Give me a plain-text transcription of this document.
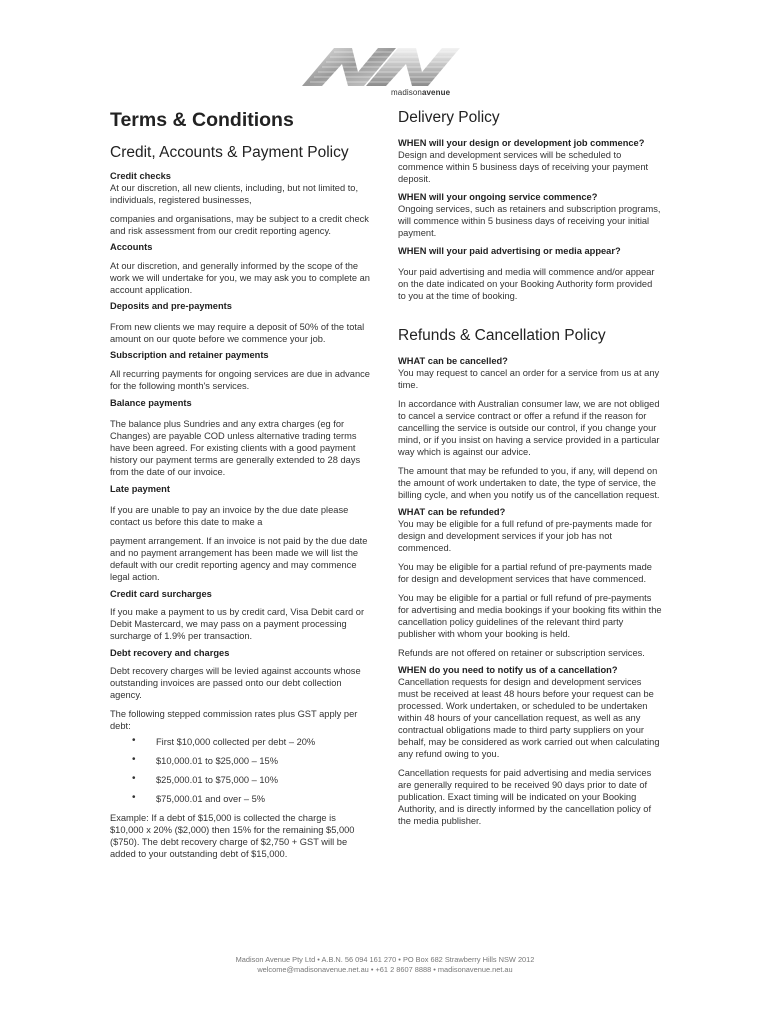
madisonavenue
Terms & Conditions
Credit, Accounts & Payment Policy
Credit checks

At our discretion, all new clients, including, but not limited to, individuals, registered businesses,

companies and organisations, may be subject to a credit check and risk assessment from our credit reporting agency.

Accounts

At our discretion, and generally informed by the scope of the work we will undertake for you, we may ask you to complete an account application.

Deposits and pre-payments

From new clients we may require a deposit of 50% of the total amount on our quote before we commence your job.

Subscription and retainer payments

All recurring payments for ongoing services are due in advance for the following month's services.

Balance payments

The balance plus Sundries and any extra charges (eg for Changes) are payable COD unless alternative trading terms have been agreed. For existing clients with a good payment history our payment terms are generally extended to 28 days from the date of our invoice.

Late payment

If you are unable to pay an invoice by the due date please contact us before this date to make a

payment arrangement. If an invoice is not paid by the due date and no payment arrangement has been made we will list the default with our credit reporting agency and may commence legal action.

Credit card surcharges

If you make a payment to us by credit card, Visa Debit card or Debit Mastercard, we may pass on a payment processing surcharge of 1.9% per transaction.

Debt recovery and charges

Debt recovery charges will be levied against accounts whose outstanding invoices are passed onto our debt collection agency.

The following stepped commission rates plus GST apply per debt:

• First $10,000 collected per debt – 20%
• $10,000.01 to $25,000 – 15%
• $25,000.01 to $75,000 – 10%
• $75,000.01 and over – 5%

Example: If a debt of $15,000 is collected the charge is $10,000 x 20% ($2,000) then 15% for the remaining $5,000 ($750). The debt recovery charge of $2,750 + GST will be added to your outstanding debt of $15,000.

Delivery Policy
WHEN will your design or development job commence?

Design and development services will be scheduled to commence within 5 business days of receiving your payment deposit.

WHEN will your ongoing service commence?

Ongoing services, such as retainers and subscription programs, will commence within 5 business days of receiving your initial payment.

WHEN will your paid advertising or media appear?

Your paid advertising and media will commence and/or appear on the date indicated on your Booking Authority form provided to you at the time of booking.

Refunds & Cancellation Policy
WHAT can be cancelled?

You may request to cancel an order for a service from us at any time.

In accordance with Australian consumer law, we are not obliged to cancel a service contract or offer a refund if the reason for cancelling the service is outside our control, if you change your mind, or if you insist on having a service provided in a particular way which is against our advice.

The amount that may be refunded to you, if any, will depend on the amount of work undertaken to date, the type of service, the billing cycle, and when you notify us of the cancellation request.

WHAT can be refunded?

You may be eligible for a full refund of pre-payments made for design and development services if your job has not commenced.

You may be eligible for a partial refund of pre-payments made for design and development services that have commenced.

You may be eligible for a partial or full refund of pre-payments for advertising and media bookings if your booking fits within the cancellation policy guidelines of the relevant third party publisher with whom your booking is held.

Refunds are not offered on retainer or subscription services.

WHEN do you need to notify us of a cancellation?

Cancellation requests for design and development services must be received at least 48 hours before your request can be processed. Work undertaken, or scheduled to be undertaken within 48 hours of your cancellation request, as well as any contractual obligations made to third party suppliers on your behalf, may be considered as work carried out when calculating any refund owing to you.

Cancellation requests for paid advertising and media services are generally required to be received 90 days prior to date of publication. Exact timing will be indicated on your Booking Authority, and is directly informed by the cancellation policy of the media publisher.

Madison Avenue Pty Ltd • A.B.N. 56 094 161 270 • PO Box 682 Strawberry Hills NSW 2012
welcome@madisonavenue.net.au • +61 2 8607 8888 • madisonavenue.net.au
